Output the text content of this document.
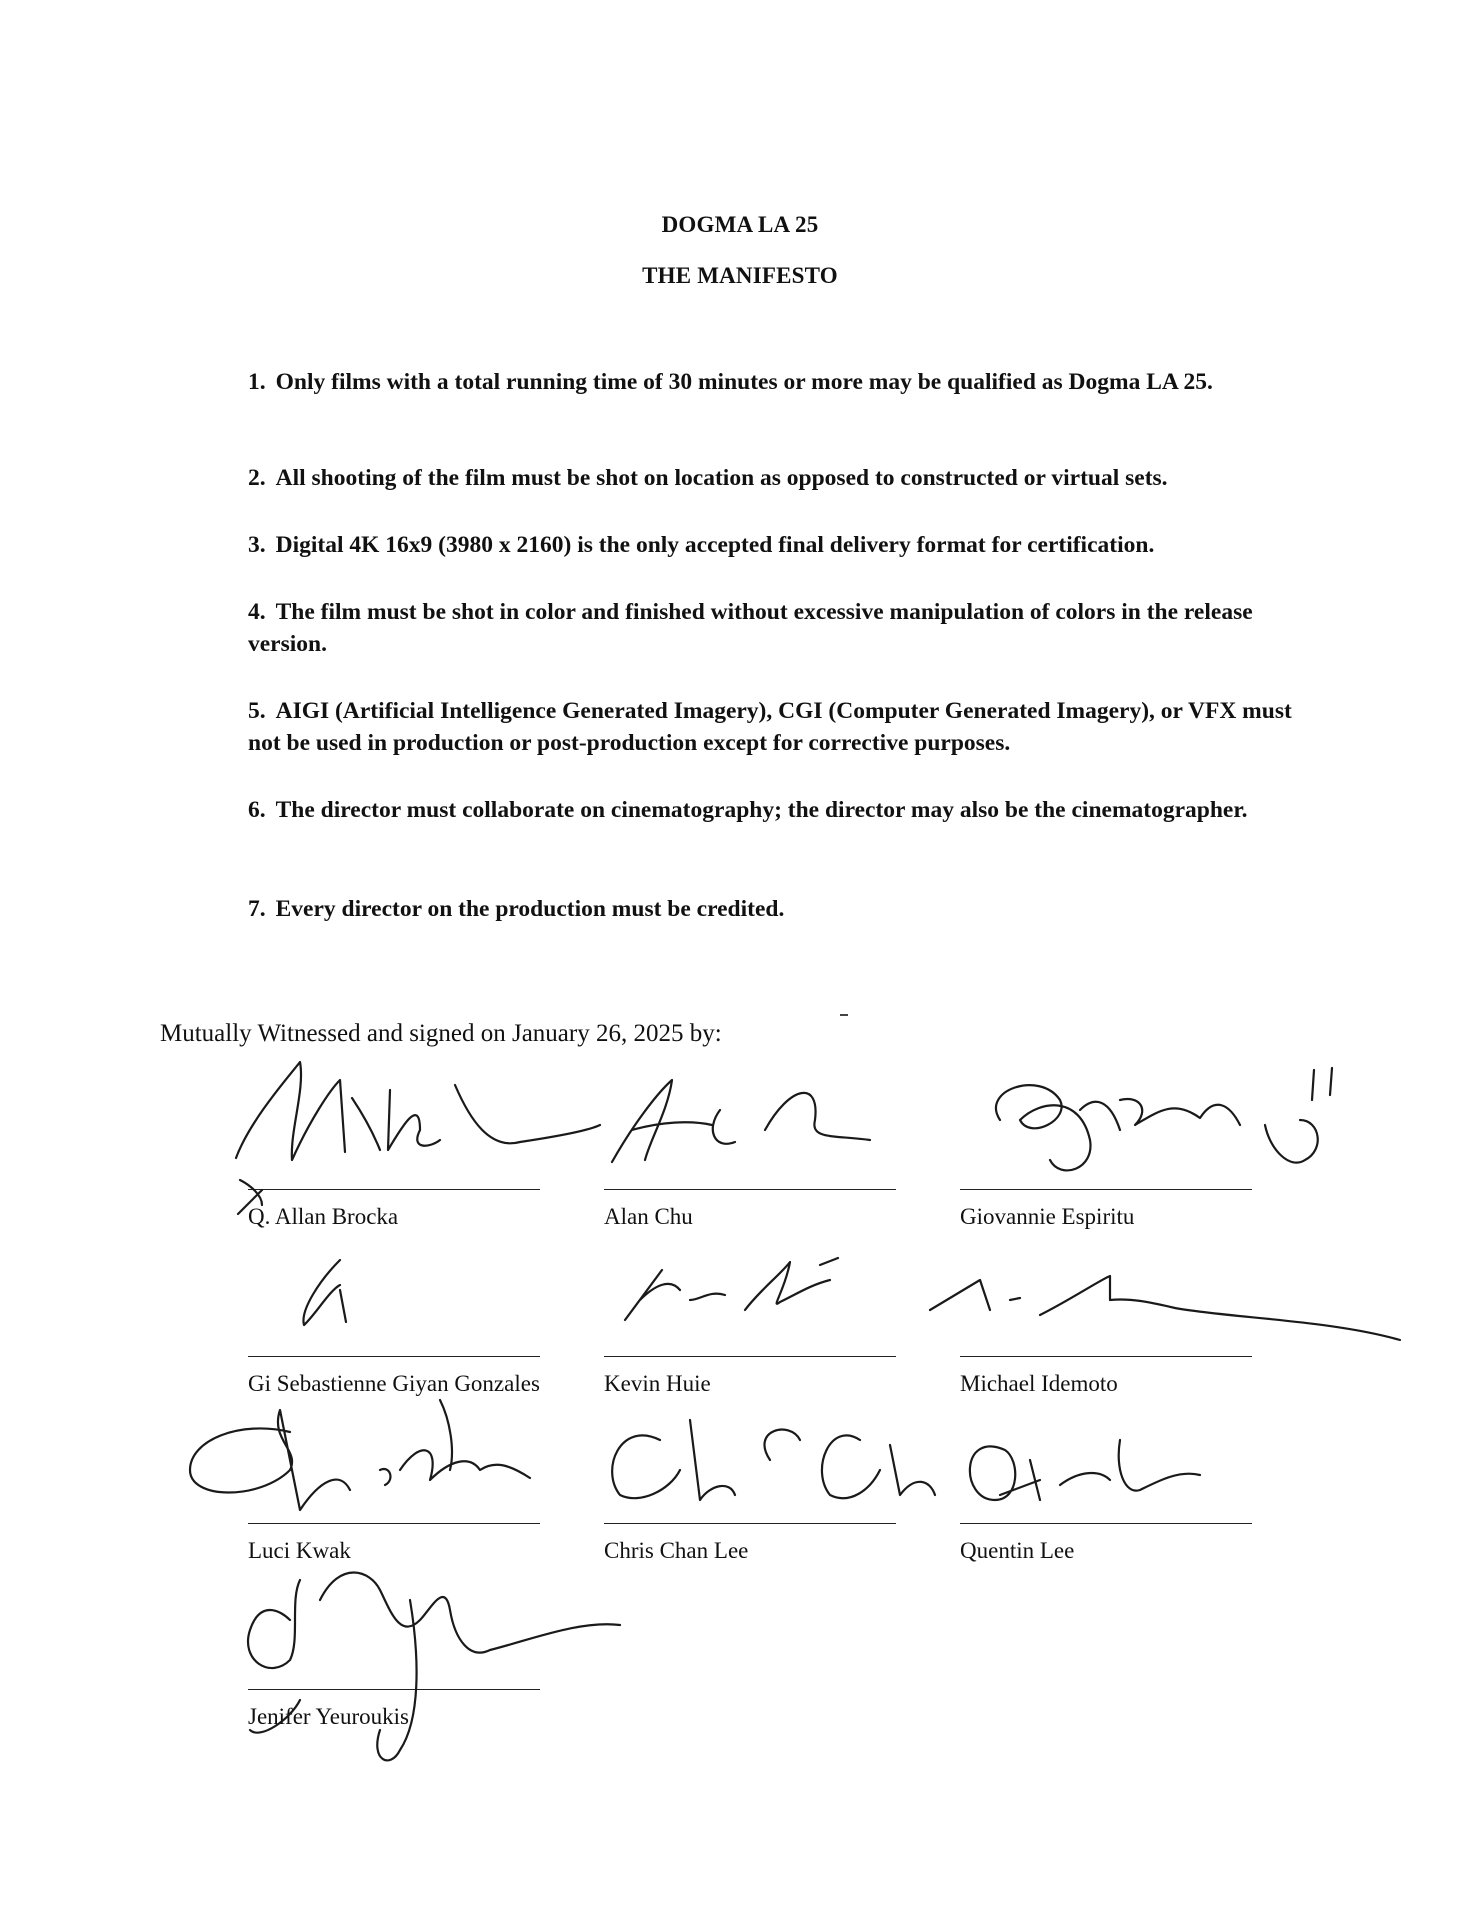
DOGMA LA 25
THE MANIFESTO
1. Only films with a total running time of 30 minutes or more may be qualified as Dogma LA 25.
2. All shooting of the film must be shot on location as opposed to constructed or virtual sets.
3. Digital 4K 16x9 (3980 x 2160) is the only accepted final delivery format for certification.
4. The film must be shot in color and finished without excessive manipulation of colors in the release version.
5. AIGI (Artificial Intelligence Generated Imagery), CGI (Computer Generated Imagery), or VFX must not be used in production or post-production except for corrective purposes.
6. The director must collaborate on cinematography; the director may also be the cinematographer.
7. Every director on the production must be credited.
Mutually Witnessed and signed on January 26, 2025 by:
Q. Allan Brocka	Alan Chu	Giovannie Espiritu
Gi Sebastienne Giyan Gonzales	Kevin Huie	Michael Idemoto
Luci Kwak	Chris Chan Lee	Quentin Lee
Jenifer Yeuroukis
